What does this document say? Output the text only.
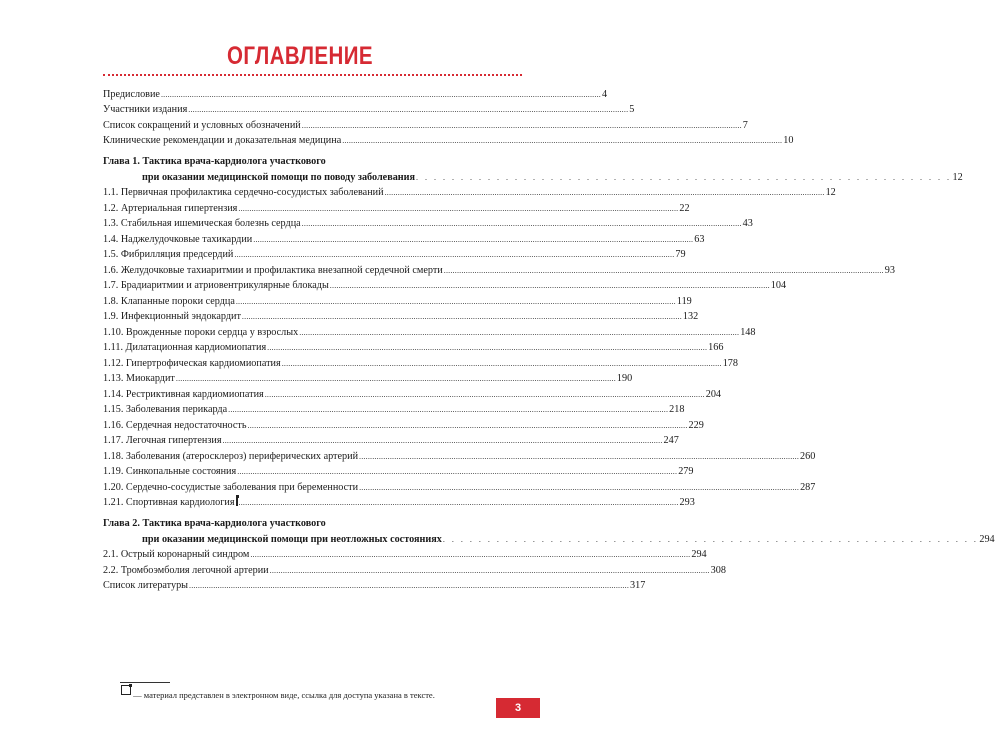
ОГЛАВЛЕНИЕ
Предисловие ........................................................................................................................................................................................................ 4
Участники издания ........................................................................................................................................................................................................ 5
Список сокращений и условных обозначений ........................................................................................................................................................................................................ 7
Клинические рекомендации и доказательная медицина ........................................................................................................................................................................................................ 10
Глава 1. Тактика врача-кардиолога участкового
при оказании медицинской помощи по поводу заболевания . . . . . . . . . . . . . . . . . . . . . . . . . . . . . . . . . . . . . . . . . . . . . . . . . . . . . . . . . . . . 12
1.1. Первичная профилактика сердечно-сосудистых заболеваний ........................................................................................................................................................................................................ 12
1.2. Артериальная гипертензия ........................................................................................................................................................................................................ 22
1.3. Стабильная ишемическая болезнь сердца ........................................................................................................................................................................................................ 43
1.4. Наджелудочковые тахикардии ........................................................................................................................................................................................................ 63
1.5. Фибрилляция предсердий ........................................................................................................................................................................................................ 79
1.6. Желудочковые тахиаритмии и профилактика внезапной сердечной смерти ........................................................................................................................................................................................................ 93
1.7. Брадиаритмии и атриовентрикулярные блокады ........................................................................................................................................................................................................ 104
1.8. Клапанные пороки сердца ........................................................................................................................................................................................................ 119
1.9. Инфекционный эндокардит ........................................................................................................................................................................................................ 132
1.10. Врожденные пороки сердца у взрослых ........................................................................................................................................................................................................ 148
1.11. Дилатационная кардиомиопатия ........................................................................................................................................................................................................ 166
1.12. Гипертрофическая кардиомиопатия ........................................................................................................................................................................................................ 178
1.13. Миокардит ........................................................................................................................................................................................................ 190
1.14. Рестриктивная кардиомиопатия ........................................................................................................................................................................................................ 204
1.15. Заболевания перикарда ........................................................................................................................................................................................................ 218
1.16. Сердечная недостаточность ........................................................................................................................................................................................................ 229
1.17. Легочная гипертензия ........................................................................................................................................................................................................ 247
1.18. Заболевания (атеросклероз) периферических артерий ........................................................................................................................................................................................................ 260
1.19. Синкопальные состояния ........................................................................................................................................................................................................ 279
1.20. Сердечно-сосудистые заболевания при беременности ........................................................................................................................................................................................................ 287
1.21. Спортивная кардиология ........................................................................................................................................................................................................ 293
Глава 2. Тактика врача-кардиолога участкового
при оказании медицинской помощи при неотложных состояниях . . . . . . . . . . . . . . . . . . . . . . . . . . . . . . . . . . . . . . . . . . . . . . . . . . . . . . . . . . . . 294
2.1. Острый коронарный синдром ........................................................................................................................................................................................................ 294
2.2. Тромбоэмболия легочной артерии ........................................................................................................................................................................................................ 308
Список литературы ........................................................................................................................................................................................................ 317
— материал представлен в электронном виде, ссылка для доступа указана в тексте.
3
